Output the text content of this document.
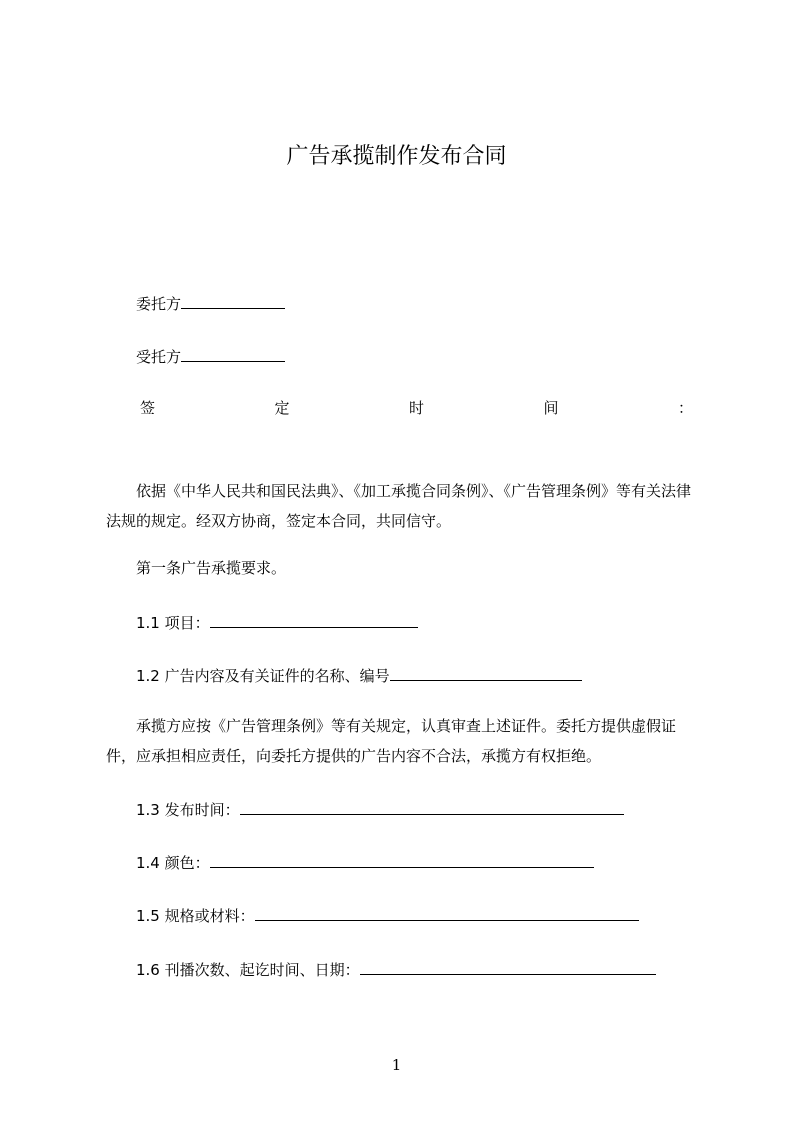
广告承揽制作发布合同
委托方
受托方
签	定	时	间	：
依据《中华人民共和国民法典》、《加工承揽合同条例》、《广告管理条例》等有关法律法规的规定。经双方协商，签定本合同，共同信守。
第一条广告承揽要求。
1.1 项目：
1.2 广告内容及有关证件的名称、编号
承揽方应按《广告管理条例》等有关规定，认真审查上述证件。委托方提供虚假证件，应承担相应责任，向委托方提供的广告内容不合法，承揽方有权拒绝。
1.3 发布时间：
1.4 颜色：
1.5 规格或材料：
1.6 刊播次数、起讫时间、日期：
1
